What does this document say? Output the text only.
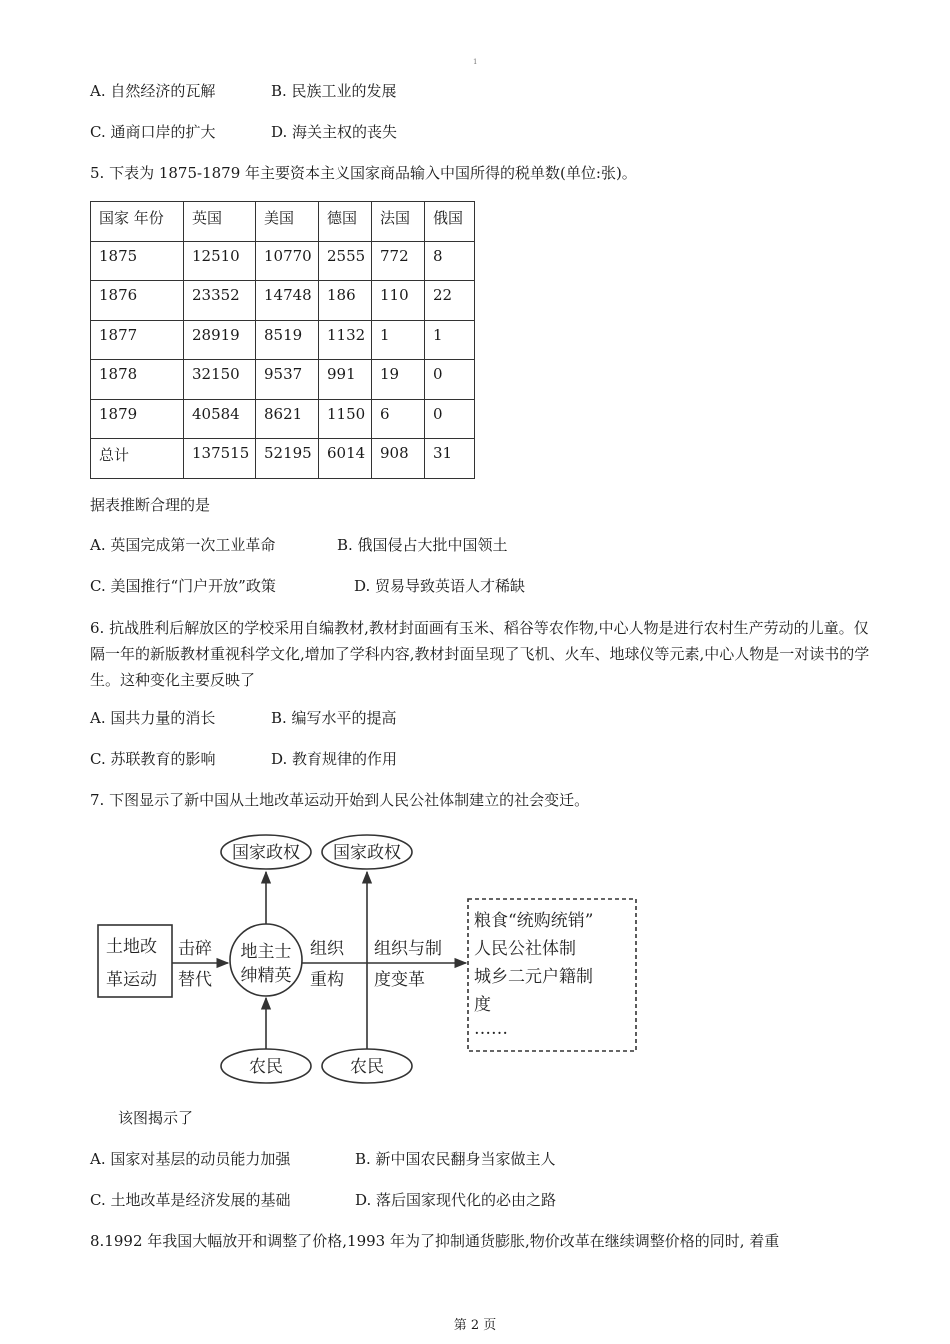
1
A. 自然经济的瓦解	B. 民族工业的发展
C. 通商口岸的扩大	D. 海关主权的丧失
5. 下表为 1875-1879 年主要资本主义国家商品输入中国所得的税单数(单位:张)。
国家 年份	英国	美国	德国	法国	俄国
1875	12510	10770	2555	772	8
1876	23352	14748	186	110	22
1877	28919	8519	1132	1	1
1878	32150	9537	991	19	0
1879	40584	8621	1150	6	0
总计	137515	52195	6014	908	31
据表推断合理的是
A. 英国完成第一次工业革命	B. 俄国侵占大批中国领土
C. 美国推行“门户开放”政策	D. 贸易导致英语人才稀缺
6. 抗战胜利后解放区的学校采用自编教材,教材封面画有玉米、稻谷等农作物,中心人物是进行农村生产劳动的儿童。仅隔一年的新版教材重视科学文化,增加了学科内容,教材封面呈现了飞机、火车、地球仪等元素,中心人物是一对读书的学生。这种变化主要反映了
A. 国共力量的消长	B. 编写水平的提高
C. 苏联教育的影响	D. 教育规律的作用
7. 下图显示了新中国从土地改革运动开始到人民公社体制建立的社会变迁。
国家政权 国家政权
土地改
革运动
击碎
替代
地主士
绅精英
组织
重构
组织与制
度变革
粮食“统购统销”
人民公社体制
城乡二元户籍制
度
……
农民	农民
该图揭示了
A. 国家对基层的动员能力加强	B. 新中国农民翻身当家做主人
C. 土地改革是经济发展的基础	D. 落后国家现代化的必由之路
8.1992 年我国大幅放开和调整了价格,1993 年为了抑制通货膨胀,物价改革在继续调整价格的同时, 着重
第 2 页
